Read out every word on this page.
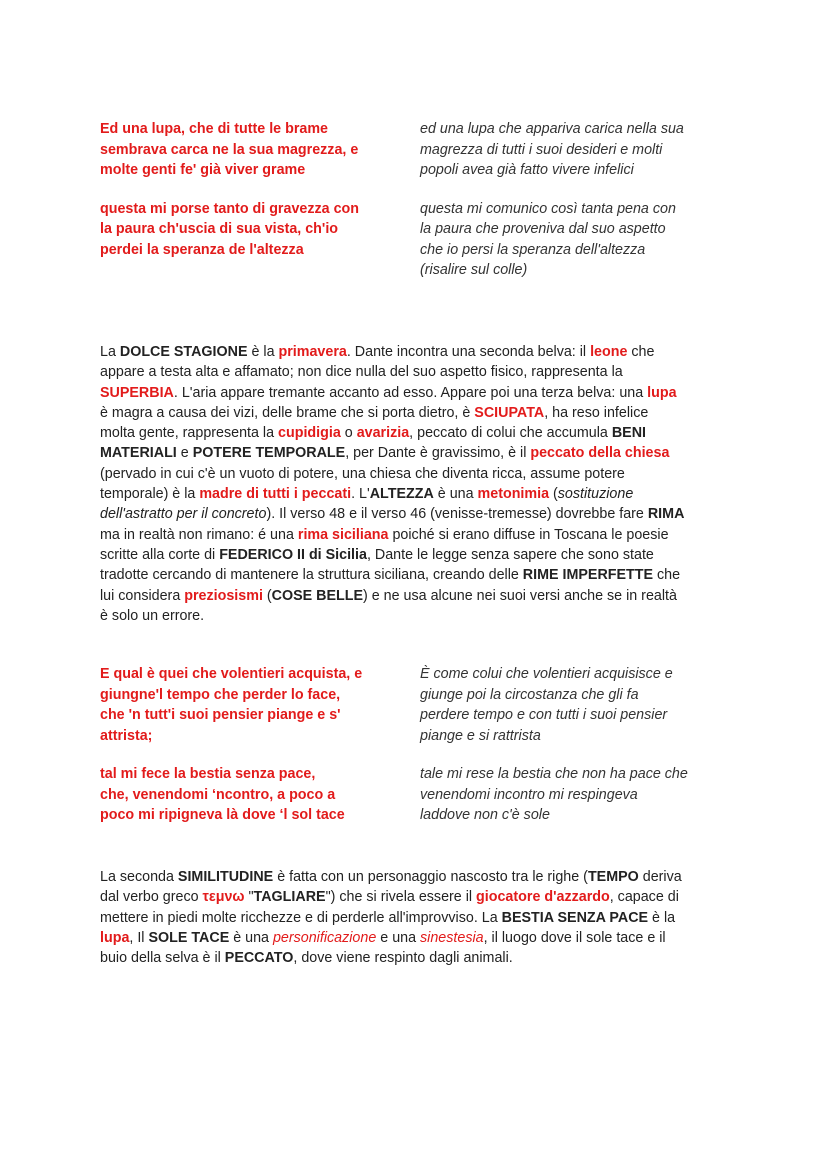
Ed una lupa, che di tutte le brame
sembrava carca ne la sua magrezza, e
molte genti fe' già viver grame
ed una lupa che appariva carica nella sua
magrezza di tutti i suoi desideri e molti
popoli avea già fatto vivere infelici
questa mi porse tanto di gravezza con
la paura ch'uscia di sua vista, ch'io
perdei la speranza de l'altezza
questa mi comunico così tanta pena con
la paura che proveniva dal suo aspetto
che io persi la speranza dell'altezza
(risalire sul colle)
La DOLCE STAGIONE è la primavera. Dante incontra una seconda belva: il leone che
appare a testa alta e affamato; non dice nulla del suo aspetto fisico, rappresenta la
SUPERBIA. L'aria appare tremante accanto ad esso. Appare poi una terza belva: una lupa
è magra a causa dei vizi, delle brame che si porta dietro, è SCIUPATA, ha reso infelice
molta gente, rappresenta la cupidigia o avarizia, peccato di colui che accumula BENI
MATERIALI e POTERE TEMPORALE, per Dante è gravissimo, è il peccato della chiesa
(pervado in cui c'è un vuoto di potere, una chiesa che diventa ricca, assume potere
temporale) è la madre di tutti i peccati. L'ALTEZZA è una metonimia (sostituzione
dell'astratto per il concreto). Il verso 48 e il verso 46 (venisse-tremesse) dovrebbe fare RIMA
ma in realtà non rimano: é una rima siciliana poiché si erano diffuse in Toscana le poesie
scritte alla corte di FEDERICO II di Sicilia, Dante le legge senza sapere che sono state
tradotte cercando di mantenere la struttura siciliana, creando delle RIME IMPERFETTE che
lui considera preziosismi (COSE BELLE) e ne usa alcune nei suoi versi anche se in realtà
è solo un errore.
E qual è quei che volentieri acquista, e
giungne'l tempo che perder lo face,
che 'n tutt'i suoi pensier piange e s'
attrista;
È come colui che volentieri acquisisce e
giunge poi la circostanza che gli fa
perdere tempo e con tutti i suoi pensier
piange e si rattrista
tal mi fece la bestia senza pace,
che, venendomi ‘ncontro, a poco a
poco mi ripigneva là dove ‘l sol tace
tale mi rese la bestia che non ha pace che
venendomi incontro mi respingeva
laddove non c'è sole
La seconda SIMILITUDINE è fatta con un personaggio nascosto tra le righe (TEMPO deriva
dal verbo greco τεμνω "TAGLIARE") che si rivela essere il giocatore d'azzardo, capace di
mettere in piedi molte ricchezze e di perderle all'improvviso. La BESTIA SENZA PACE è la
lupa, Il SOLE TACE è una personificazione e una sinestesia, il luogo dove il sole tace e il
buio della selva è il PECCATO, dove viene respinto dagli animali.
